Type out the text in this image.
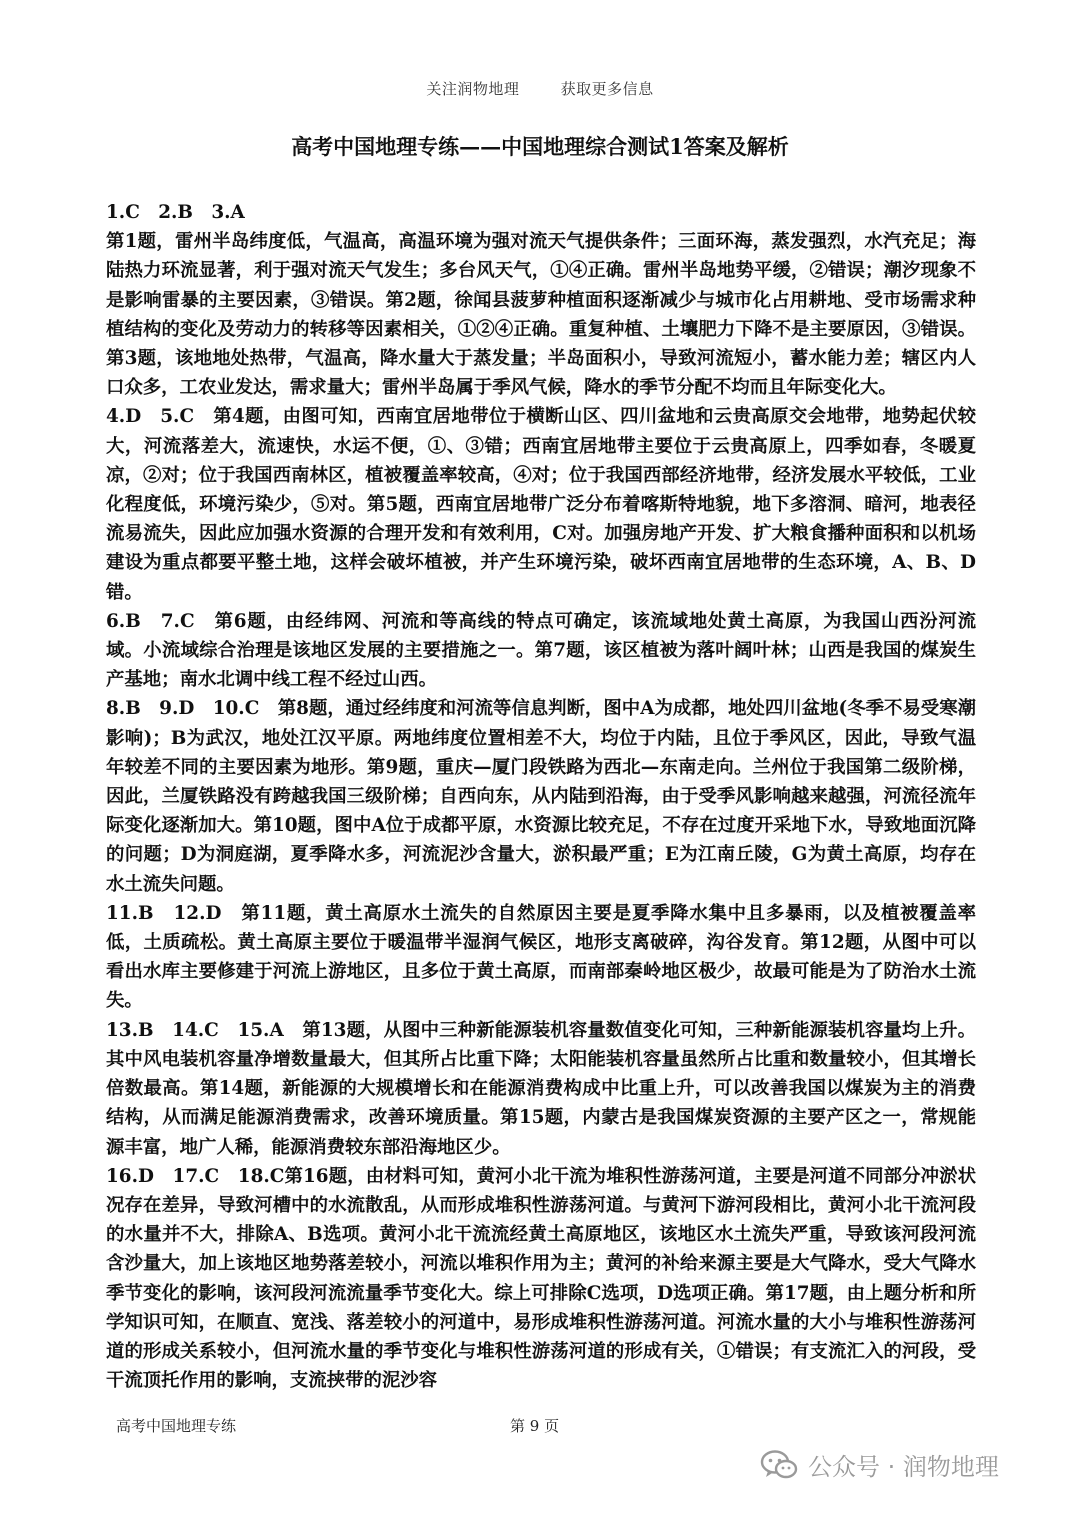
关注润物地理	获取更多信息
高考中国地理专练——中国地理综合测试1答案及解析

1.C　2.B　3.A

第1题，雷州半岛纬度低，气温高，高温环境为强对流天气提供条件；三面环海，蒸发强烈，水汽充足；海陆热力环流显著，利于强对流天气发生；多台风天气，①④正确。雷州半岛地势平缓，②错误；潮汐现象不是影响雷暴的主要因素，③错误。第2题，徐闻县菠萝种植面积逐渐减少与城市化占用耕地、受市场需求种植结构的变化及劳动力的转移等因素相关，①②④正确。重复种植、土壤肥力下降不是主要原因，③错误。第3题，该地地处热带，气温高，降水量大于蒸发量；半岛面积小，导致河流短小，蓄水能力差；辖区内人口众多，工农业发达，需求量大；雷州半岛属于季风气候，降水的季节分配不均而且年际变化大。

4.D　5.C　第4题，由图可知，西南宜居地带位于横断山区、四川盆地和云贵高原交会地带，地势起伏较大，河流落差大，流速快，水运不便，①、③错；西南宜居地带主要位于云贵高原上，四季如春，冬暖夏凉，②对；位于我国西南林区，植被覆盖率较高，④对；位于我国西部经济地带，经济发展水平较低，工业化程度低，环境污染少，⑤对。第5题，西南宜居地带广泛分布着喀斯特地貌，地下多溶洞、暗河，地表径流易流失，因此应加强水资源的合理开发和有效利用，C对。加强房地产开发、扩大粮食播种面积和以机场建设为重点都要平整土地，这样会破坏植被，并产生环境污染，破坏西南宜居地带的生态环境，A、B、D错。

6.B　7.C　第6题，由经纬网、河流和等高线的特点可确定，该流域地处黄土高原，为我国山西汾河流域。小流域综合治理是该地区发展的主要措施之一。第7题，该区植被为落叶阔叶林；山西是我国的煤炭生产基地；南水北调中线工程不经过山西。

8.B　9.D　10.C　第8题，通过经纬度和河流等信息判断，图中A为成都，地处四川盆地(冬季不易受寒潮影响)；B为武汉，地处江汉平原。两地纬度位置相差不大，均位于内陆，且位于季风区，因此，导致气温年较差不同的主要因素为地形。第9题，重庆—厦门段铁路为西北—东南走向。兰州位于我国第二级阶梯，因此，兰厦铁路没有跨越我国三级阶梯；自西向东，从内陆到沿海，由于受季风影响越来越强，河流径流年际变化逐渐加大。第10题，图中A位于成都平原，水资源比较充足，不存在过度开采地下水，导致地面沉降的问题；D为洞庭湖，夏季降水多，河流泥沙含量大，淤积最严重；E为江南丘陵，G为黄土高原，均存在水土流失问题。

11.B　12.D　第11题，黄土高原水土流失的自然原因主要是夏季降水集中且多暴雨，以及植被覆盖率低，土质疏松。黄土高原主要位于暖温带半湿润气候区，地形支离破碎，沟谷发育。第12题，从图中可以看出水库主要修建于河流上游地区，且多位于黄土高原，而南部秦岭地区极少，故最可能是为了防治水土流失。

13.B　14.C　15.A　第13题，从图中三种新能源装机容量数值变化可知，三种新能源装机容量均上升。其中风电装机容量净增数量最大，但其所占比重下降；太阳能装机容量虽然所占比重和数量较小，但其增长倍数最高。第14题，新能源的大规模增长和在能源消费构成中比重上升，可以改善我国以煤炭为主的消费结构，从而满足能源消费需求，改善环境质量。第15题，内蒙古是我国煤炭资源的主要产区之一，常规能源丰富，地广人稀，能源消费较东部沿海地区少。

16.D　17.C　18.C第16题，由材料可知，黄河小北干流为堆积性游荡河道，主要是河道不同部分冲淤状况存在差异，导致河槽中的水流散乱，从而形成堆积性游荡河道。与黄河下游河段相比，黄河小北干流河段的水量并不大，排除A、B选项。黄河小北干流流经黄土高原地区，该地区水土流失严重，导致该河段河流含沙量大，加上该地区地势落差较小，河流以堆积作用为主；黄河的补给来源主要是大气降水，受大气降水季节变化的影响，该河段河流流量季节变化大。综上可排除C选项，D选项正确。第17题，由上题分析和所学知识可知，在顺直、宽浅、落差较小的河道中，易形成堆积性游荡河道。河流水量的大小与堆积性游荡河道的形成关系较小，但河流水量的季节变化与堆积性游荡河道的形成有关，①错误；有支流汇入的河段，受干流顶托作用的影响，支流挟带的泥沙容

高考中国地理专练	第 9 页
公众号 · 润物地理
